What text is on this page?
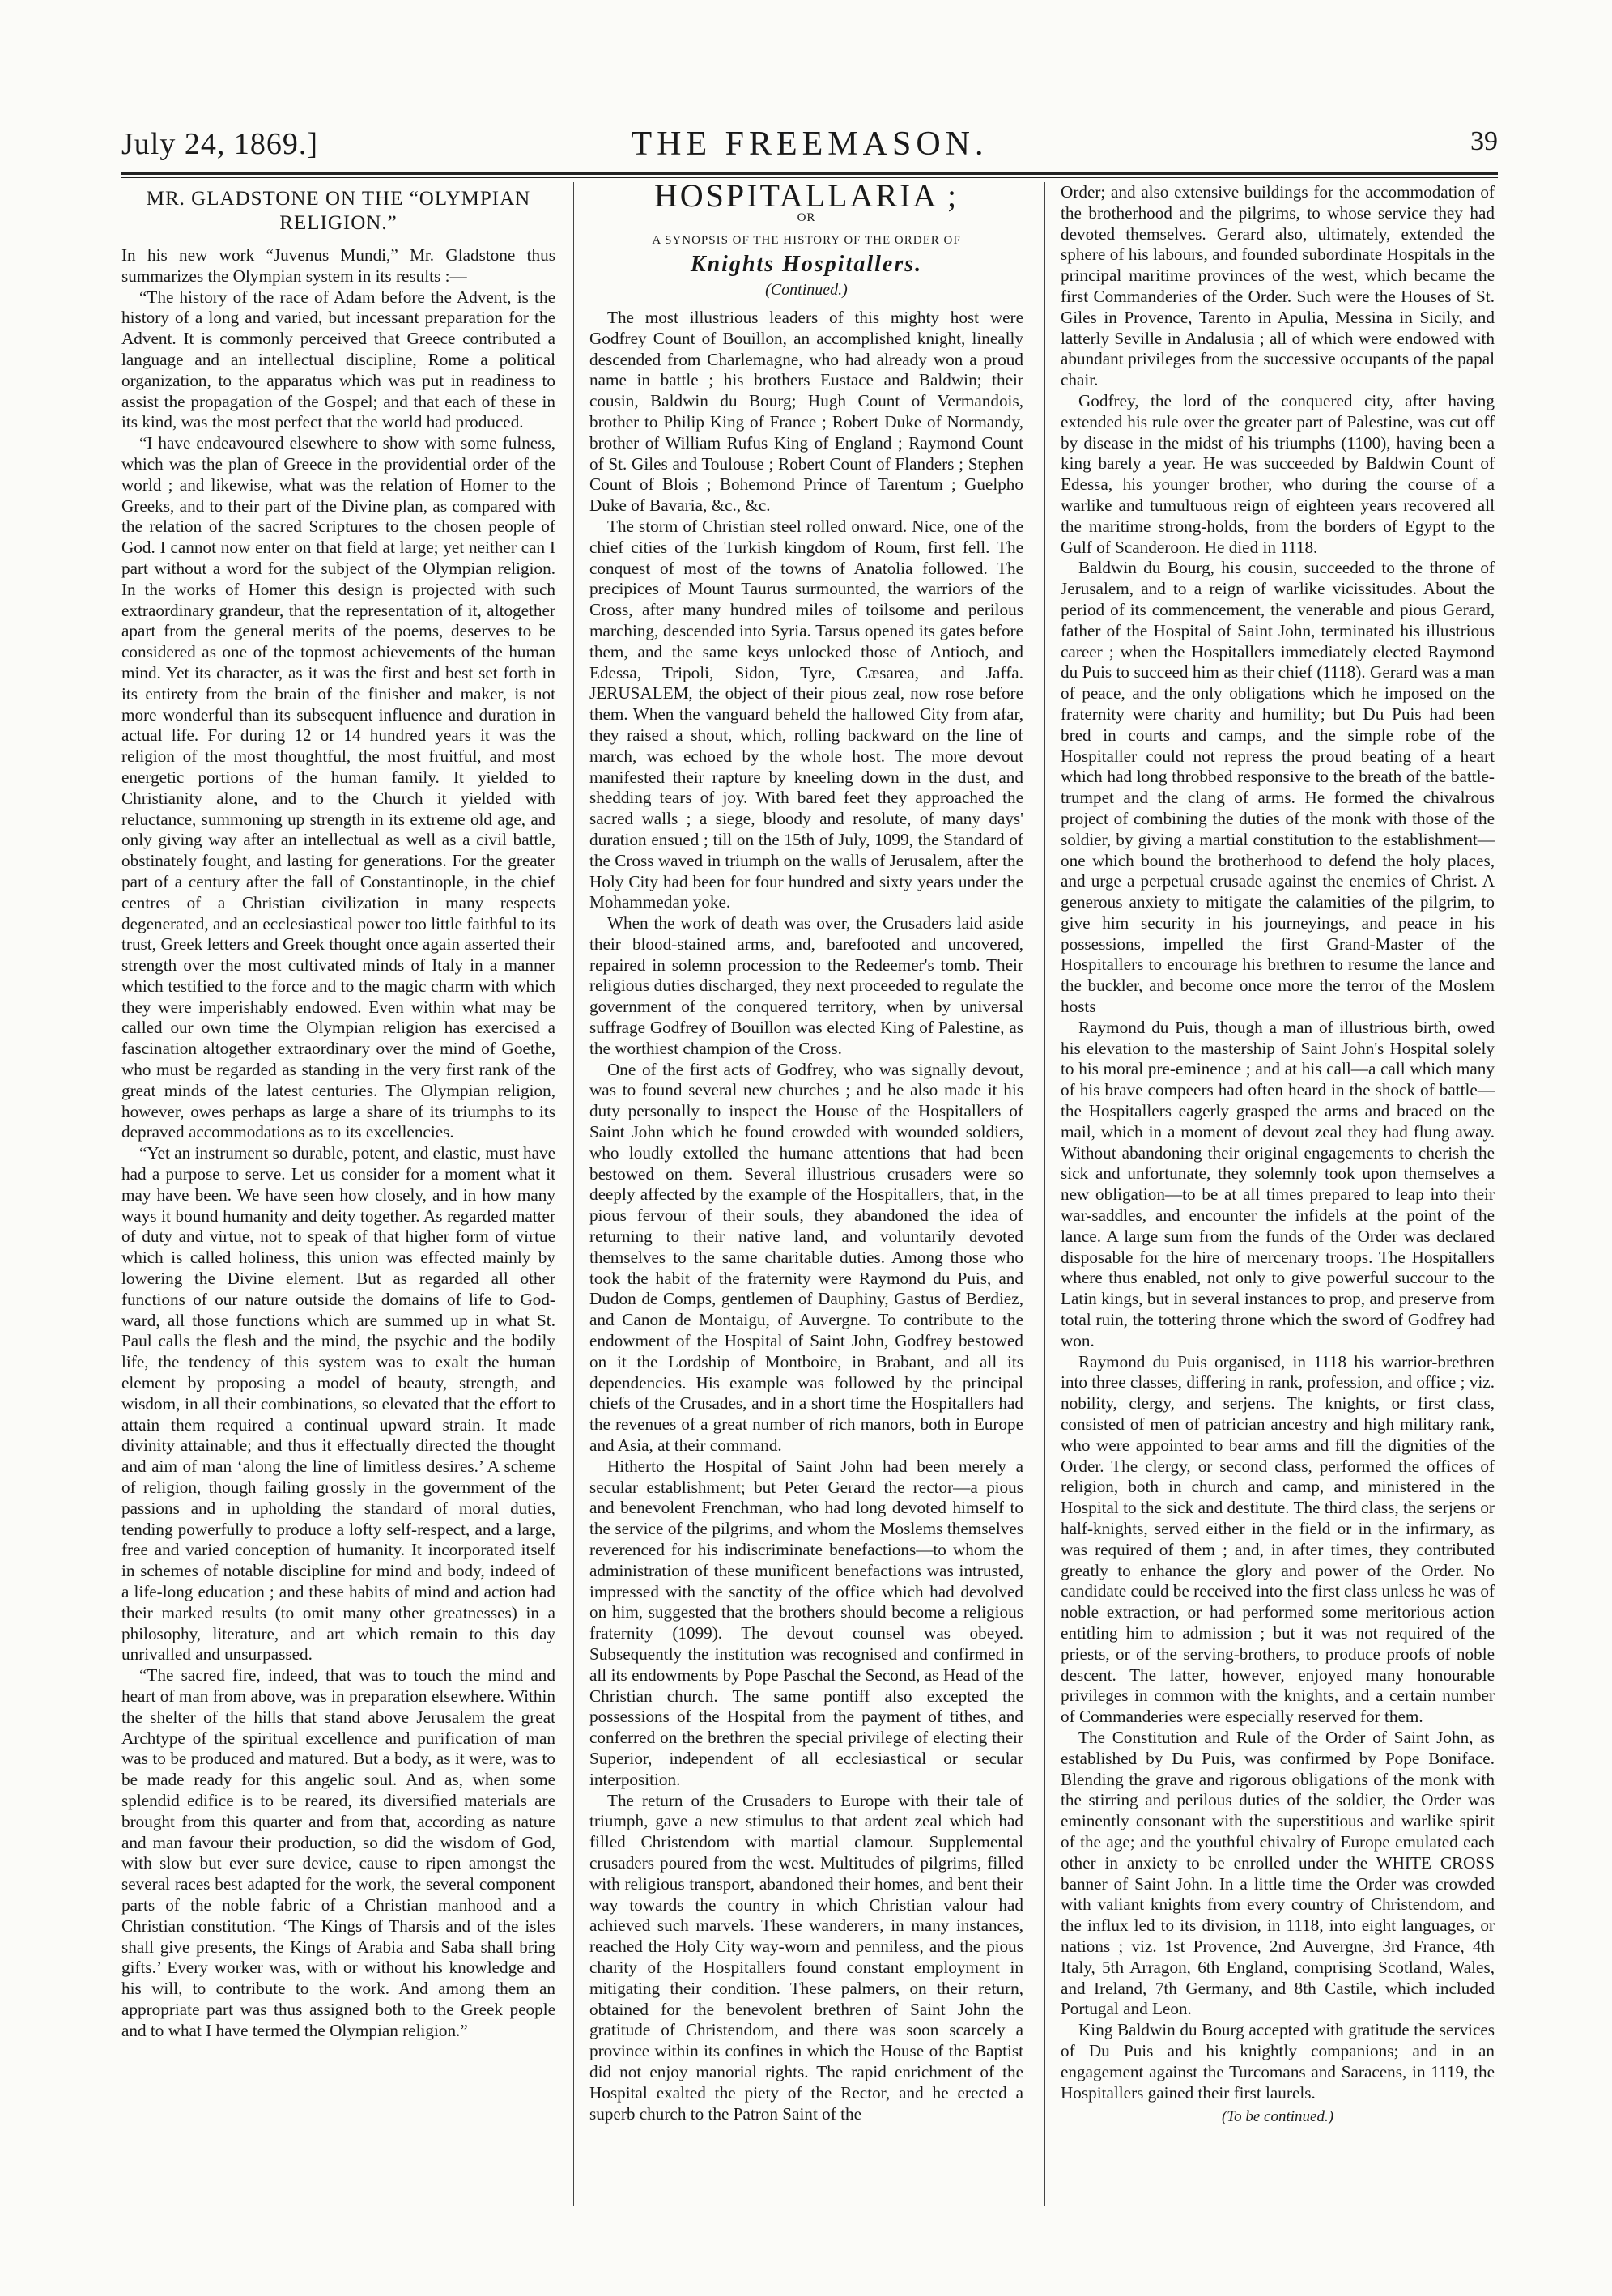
July 24, 1869.]	THE FREEMASON.	39
MR. GLADSTONE ON THE “OLYMPIAN RELIGION.”

In his new work “Juvenus Mundi,” Mr. Gladstone thus summarizes the Olympian system in its results :—

“The history of the race of Adam before the Advent, is the history of a long and varied, but incessant preparation for the Advent. It is commonly perceived that Greece contributed a language and an intellectual discipline, Rome a political organization, to the apparatus which was put in readiness to assist the propagation of the Gospel; and that each of these in its kind, was the most perfect that the world had produced.

“I have endeavoured elsewhere to show with some fulness, which was the plan of Greece in the providential order of the world ; and likewise, what was the relation of Homer to the Greeks, and to their part of the Divine plan, as compared with the relation of the sacred Scriptures to the chosen people of God. I cannot now enter on that field at large; yet neither can I part without a word for the subject of the Olympian religion. In the works of Homer this design is projected with such extraordinary grandeur, that the representation of it, altogether apart from the general merits of the poems, deserves to be considered as one of the topmost achievements of the human mind. Yet its character, as it was the first and best set forth in its entirety from the brain of the finisher and maker, is not more wonderful than its subsequent influence and duration in actual life. For during 12 or 14 hundred years it was the religion of the most thoughtful, the most fruitful, and most energetic portions of the human family. It yielded to Christianity alone, and to the Church it yielded with reluctance, summoning up strength in its extreme old age, and only giving way after an intellectual as well as a civil battle, obstinately fought, and lasting for generations. For the greater part of a century after the fall of Constantinople, in the chief centres of a Christian civilization in many respects degenerated, and an ecclesiastical power too little faithful to its trust, Greek letters and Greek thought once again asserted their strength over the most cultivated minds of Italy in a manner which testified to the force and to the magic charm with which they were imperishably endowed. Even within what may be called our own time the Olympian religion has exercised a fascination altogether extraordinary over the mind of Goethe, who must be regarded as standing in the very first rank of the great minds of the latest centuries. The Olympian religion, however, owes perhaps as large a share of its triumphs to its depraved accommodations as to its excellencies.

“Yet an instrument so durable, potent, and elastic, must have had a purpose to serve. Let us consider for a moment what it may have been. We have seen how closely, and in how many ways it bound humanity and deity together. As regarded matter of duty and virtue, not to speak of that higher form of virtue which is called holiness, this union was effected mainly by lowering the Divine element. But as regarded all other functions of our nature outside the domains of life to God-ward, all those functions which are summed up in what St. Paul calls the flesh and the mind, the psychic and the bodily life, the tendency of this system was to exalt the human element by proposing a model of beauty, strength, and wisdom, in all their combinations, so elevated that the effort to attain them required a continual upward strain. It made divinity attainable; and thus it effectually directed the thought and aim of man ‘along the line of limitless desires.’ A scheme of religion, though failing grossly in the government of the passions and in upholding the standard of moral duties, tending powerfully to produce a lofty self-respect, and a large, free and varied conception of humanity. It incorporated itself in schemes of notable discipline for mind and body, indeed of a life-long education ; and these habits of mind and action had their marked results (to omit many other greatnesses) in a philosophy, literature, and art which remain to this day unrivalled and unsurpassed.

“The sacred fire, indeed, that was to touch the mind and heart of man from above, was in preparation elsewhere. Within the shelter of the hills that stand above Jerusalem the great Archtype of the spiritual excellence and purification of man was to be produced and matured. But a body, as it were, was to be made ready for this angelic soul. And as, when some splendid edifice is to be reared, its diversified materials are brought from this quarter and from that, according as nature and man favour their production, so did the wisdom of God, with slow but ever sure device, cause to ripen amongst the several races best adapted for the work, the several component parts of the noble fabric of a Christian manhood and a Christian constitution. ‘The Kings of Tharsis and of the isles shall give presents, the Kings of Arabia and Saba shall bring gifts.’ Every worker was, with or without his knowledge and his will, to contribute to the work. And among them an appropriate part was thus assigned both to the Greek people and to what I have termed the Olympian religion.”

HOSPITALLARIA ;
OR
A SYNOPSIS OF THE HISTORY OF THE ORDER OF
Knights Hospitallers.
(Continued.)

The most illustrious leaders of this mighty host were Godfrey Count of Bouillon, an accomplished knight, lineally descended from Charlemagne, who had already won a proud name in battle ; his brothers Eustace and Baldwin; their cousin, Baldwin du Bourg; Hugh Count of Vermandois, brother to Philip King of France ; Robert Duke of Normandy, brother of William Rufus King of England ; Raymond Count of St. Giles and Toulouse ; Robert Count of Flanders ; Stephen Count of Blois ; Bohemond Prince of Tarentum ; Guelpho Duke of Bavaria, &c., &c.

The storm of Christian steel rolled onward. Nice, one of the chief cities of the Turkish kingdom of Roum, first fell. The conquest of most of the towns of Anatolia followed. The precipices of Mount Taurus surmounted, the warriors of the Cross, after many hundred miles of toilsome and perilous marching, descended into Syria. Tarsus opened its gates before them, and the same keys unlocked those of Antioch, and Edessa, Tripoli, Sidon, Tyre, Cæsarea, and Jaffa. JERUSALEM, the object of their pious zeal, now rose before them. When the vanguard beheld the hallowed City from afar, they raised a shout, which, rolling backward on the line of march, was echoed by the whole host. The more devout manifested their rapture by kneeling down in the dust, and shedding tears of joy. With bared feet they approached the sacred walls ; a siege, bloody and resolute, of many days' duration ensued ; till on the 15th of July, 1099, the Standard of the Cross waved in triumph on the walls of Jerusalem, after the Holy City had been for four hundred and sixty years under the Mohammedan yoke.

When the work of death was over, the Crusaders laid aside their blood-stained arms, and, barefooted and uncovered, repaired in solemn procession to the Redeemer's tomb. Their religious duties discharged, they next proceeded to regulate the government of the conquered territory, when by universal suffrage Godfrey of Bouillon was elected King of Palestine, as the worthiest champion of the Cross.

One of the first acts of Godfrey, who was signally devout, was to found several new churches ; and he also made it his duty personally to inspect the House of the Hospitallers of Saint John which he found crowded with wounded soldiers, who loudly extolled the humane attentions that had been bestowed on them. Several illustrious crusaders were so deeply affected by the example of the Hospitallers, that, in the pious fervour of their souls, they abandoned the idea of returning to their native land, and voluntarily devoted themselves to the same charitable duties. Among those who took the habit of the fraternity were Raymond du Puis, and Dudon de Comps, gentlemen of Dauphiny, Gastus of Berdiez, and Canon de Montaigu, of Auvergne. To contribute to the endowment of the Hospital of Saint John, Godfrey bestowed on it the Lordship of Montboire, in Brabant, and all its dependencies. His example was followed by the principal chiefs of the Crusades, and in a short time the Hospitallers had the revenues of a great number of rich manors, both in Europe and Asia, at their command.

Hitherto the Hospital of Saint John had been merely a secular establishment; but Peter Gerard the rector—a pious and benevolent Frenchman, who had long devoted himself to the service of the pilgrims, and whom the Moslems themselves reverenced for his indiscriminate benefactions—to whom the administration of these munificent benefactions was intrusted, impressed with the sanctity of the office which had devolved on him, suggested that the brothers should become a religious fraternity (1099). The devout counsel was obeyed. Subsequently the institution was recognised and confirmed in all its endowments by Pope Paschal the Second, as Head of the Christian church. The same pontiff also excepted the possessions of the Hospital from the payment of tithes, and conferred on the brethren the special privilege of electing their Superior, independent of all ecclesiastical or secular interposition.

The return of the Crusaders to Europe with their tale of triumph, gave a new stimulus to that ardent zeal which had filled Christendom with martial clamour. Supplemental crusaders poured from the west. Multitudes of pilgrims, filled with religious transport, abandoned their homes, and bent their way towards the country in which Christian valour had achieved such marvels. These wanderers, in many instances, reached the Holy City way-worn and penniless, and the pious charity of the Hospitallers found constant employment in mitigating their condition. These palmers, on their return, obtained for the benevolent brethren of Saint John the gratitude of Christendom, and there was soon scarcely a province within its confines in which the House of the Baptist did not enjoy manorial rights. The rapid enrichment of the Hospital exalted the piety of the Rector, and he erected a superb church to the Patron Saint of the

Order; and also extensive buildings for the accommodation of the brotherhood and the pilgrims, to whose service they had devoted themselves. Gerard also, ultimately, extended the sphere of his labours, and founded subordinate Hospitals in the principal maritime provinces of the west, which became the first Commanderies of the Order. Such were the Houses of St. Giles in Provence, Tarento in Apulia, Messina in Sicily, and latterly Seville in Andalusia ; all of which were endowed with abundant privileges from the successive occupants of the papal chair.

Godfrey, the lord of the conquered city, after having extended his rule over the greater part of Palestine, was cut off by disease in the midst of his triumphs (1100), having been a king barely a year. He was succeeded by Baldwin Count of Edessa, his younger brother, who during the course of a warlike and tumultuous reign of eighteen years recovered all the maritime strong-holds, from the borders of Egypt to the Gulf of Scanderoon. He died in 1118.

Baldwin du Bourg, his cousin, succeeded to the throne of Jerusalem, and to a reign of warlike vicissitudes. About the period of its commencement, the venerable and pious Gerard, father of the Hospital of Saint John, terminated his illustrious career ; when the Hospitallers immediately elected Raymond du Puis to succeed him as their chief (1118). Gerard was a man of peace, and the only obligations which he imposed on the fraternity were charity and humility; but Du Puis had been bred in courts and camps, and the simple robe of the Hospitaller could not repress the proud beating of a heart which had long throbbed responsive to the breath of the battle-trumpet and the clang of arms. He formed the chivalrous project of combining the duties of the monk with those of the soldier, by giving a martial constitution to the establishment—one which bound the brotherhood to defend the holy places, and urge a perpetual crusade against the enemies of Christ. A generous anxiety to mitigate the calamities of the pilgrim, to give him security in his journeyings, and peace in his possessions, impelled the first Grand-Master of the Hospitallers to encourage his brethren to resume the lance and the buckler, and become once more the terror of the Moslem hosts

Raymond du Puis, though a man of illustrious birth, owed his elevation to the mastership of Saint John's Hospital solely to his moral pre-eminence ; and at his call—a call which many of his brave compeers had often heard in the shock of battle—the Hospitallers eagerly grasped the arms and braced on the mail, which in a moment of devout zeal they had flung away. Without abandoning their original engagements to cherish the sick and unfortunate, they solemnly took upon themselves a new obligation—to be at all times prepared to leap into their war-saddles, and encounter the infidels at the point of the lance. A large sum from the funds of the Order was declared disposable for the hire of mercenary troops. The Hospitallers where thus enabled, not only to give powerful succour to the Latin kings, but in several instances to prop, and preserve from total ruin, the tottering throne which the sword of Godfrey had won.

Raymond du Puis organised, in 1118 his warrior-brethren into three classes, differing in rank, profession, and office ; viz. nobility, clergy, and serjens. The knights, or first class, consisted of men of patrician ancestry and high military rank, who were appointed to bear arms and fill the dignities of the Order. The clergy, or second class, performed the offices of religion, both in church and camp, and ministered in the Hospital to the sick and destitute. The third class, the serjens or half-knights, served either in the field or in the infirmary, as was required of them ; and, in after times, they contributed greatly to enhance the glory and power of the Order. No candidate could be received into the first class unless he was of noble extraction, or had performed some meritorious action entitling him to admission ; but it was not required of the priests, or of the serving-brothers, to produce proofs of noble descent. The latter, however, enjoyed many honourable privileges in common with the knights, and a certain number of Commanderies were especially reserved for them.

The Constitution and Rule of the Order of Saint John, as established by Du Puis, was confirmed by Pope Boniface. Blending the grave and rigorous obligations of the monk with the stirring and perilous duties of the soldier, the Order was eminently consonant with the superstitious and warlike spirit of the age; and the youthful chivalry of Europe emulated each other in anxiety to be enrolled under the WHITE CROSS banner of Saint John. In a little time the Order was crowded with valiant knights from every country of Christendom, and the influx led to its division, in 1118, into eight languages, or nations ; viz. 1st Provence, 2nd Auvergne, 3rd France, 4th Italy, 5th Arragon, 6th England, comprising Scotland, Wales, and Ireland, 7th Germany, and 8th Castile, which included Portugal and Leon.

King Baldwin du Bourg accepted with gratitude the services of Du Puis and his knightly companions; and in an engagement against the Turcomans and Saracens, in 1119, the Hospitallers gained their first laurels.

(To be continued.)
